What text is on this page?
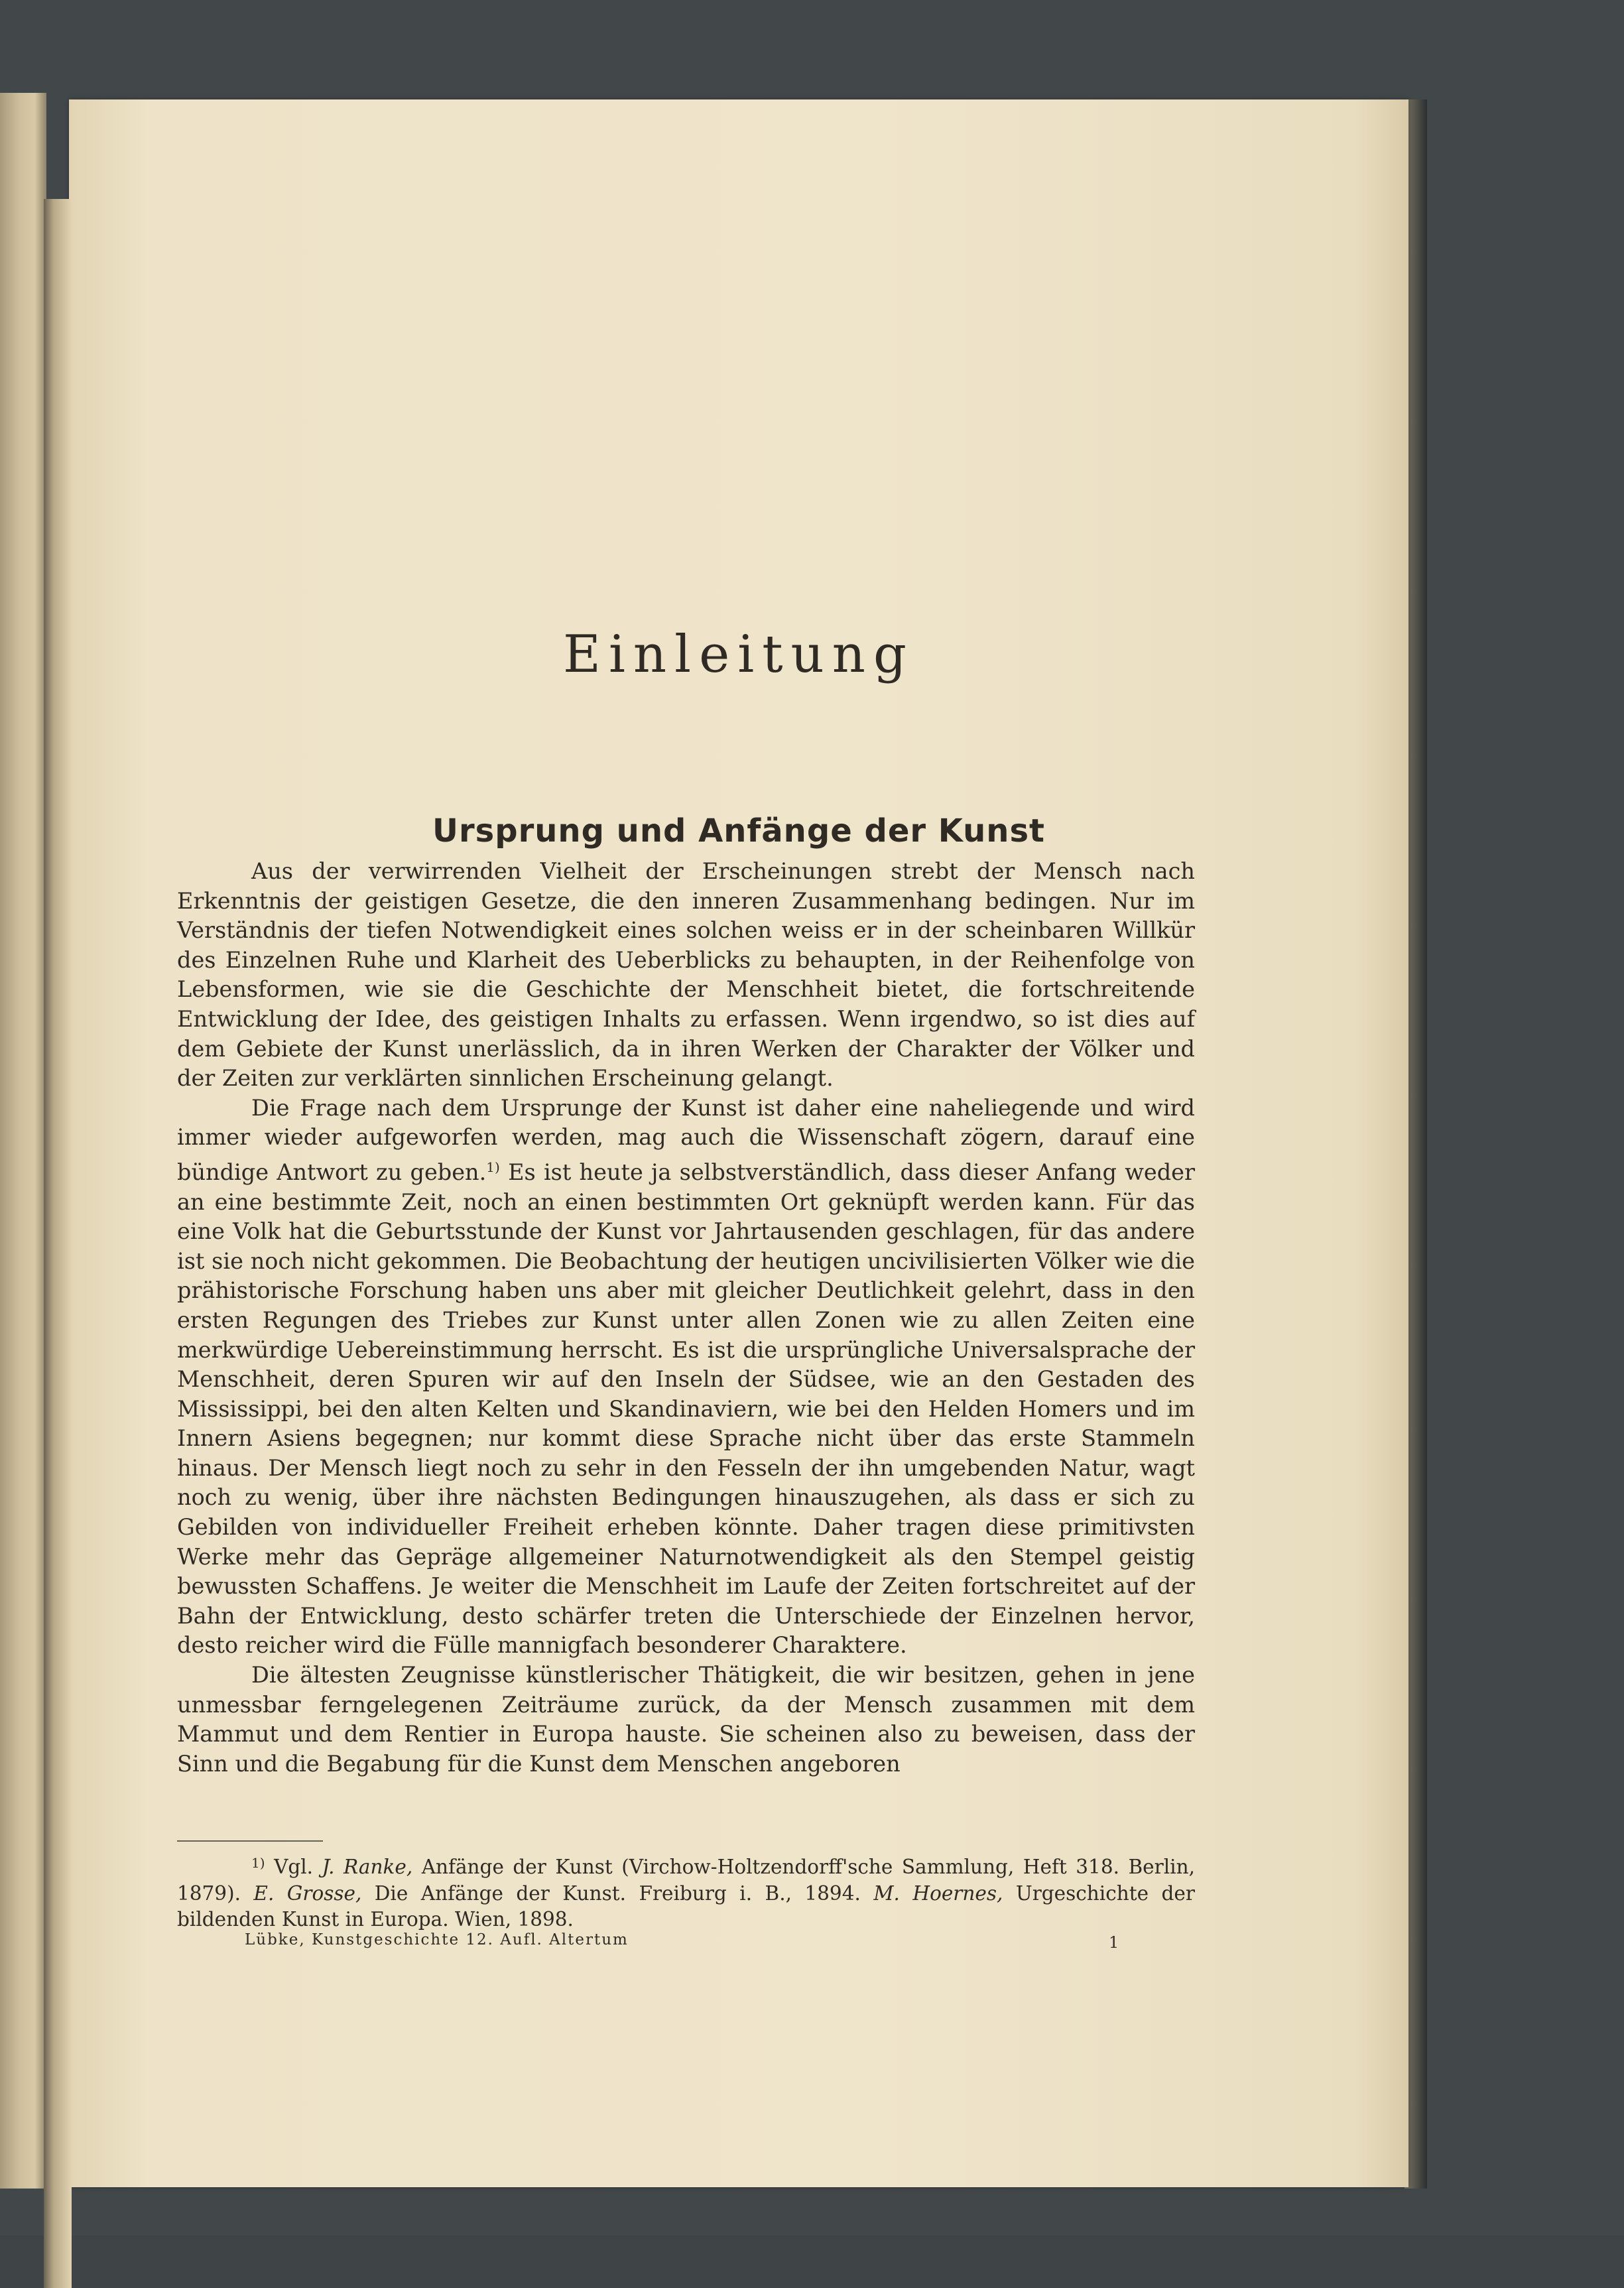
Einleitung
Ursprung und Anfänge der Kunst

Aus der verwirrenden Vielheit der Erscheinungen strebt der Mensch nach Erkenntnis der geistigen Gesetze, die den inneren Zusammenhang bedingen. Nur im Verständnis der tiefen Notwendigkeit eines solchen weiss er in der scheinbaren Willkür des Einzelnen Ruhe und Klarheit des Ueberblicks zu behaupten, in der Reihenfolge von Lebensformen, wie sie die Geschichte der Menschheit bietet, die fortschreitende Entwicklung der Idee, des geistigen Inhalts zu erfassen. Wenn irgendwo, so ist dies auf dem Gebiete der Kunst unerlässlich, da in ihren Werken der Charakter der Völker und der Zeiten zur verklärten sinnlichen Erscheinung gelangt.

Die Frage nach dem Ursprunge der Kunst ist daher eine naheliegende und wird immer wieder aufgeworfen werden, mag auch die Wissenschaft zögern, darauf eine bündige Antwort zu geben.$^{1)}$ Es ist heute ja selbstverständlich, dass dieser Anfang weder an eine bestimmte Zeit, noch an einen bestimmten Ort geknüpft werden kann. Für das eine Volk hat die Geburtsstunde der Kunst vor Jahrtausenden geschlagen, für das andere ist sie noch nicht gekommen. Die Beobachtung der heutigen uncivilisierten Völker wie die prähistorische Forschung haben uns aber mit gleicher Deutlichkeit gelehrt, dass in den ersten Regungen des Triebes zur Kunst unter allen Zonen wie zu allen Zeiten eine merkwürdige Uebereinstimmung herrscht. Es ist die ursprüngliche Universalsprache der Menschheit, deren Spuren wir auf den Inseln der Südsee, wie an den Gestaden des Mississippi, bei den alten Kelten und Skandinaviern, wie bei den Helden Homers und im Innern Asiens begegnen; nur kommt diese Sprache nicht über das erste Stammeln hinaus. Der Mensch liegt noch zu sehr in den Fesseln der ihn umgebenden Natur, wagt noch zu wenig, über ihre nächsten Bedingungen hinauszugehen, als dass er sich zu Gebilden von individueller Freiheit erheben könnte. Daher tragen diese primitivsten Werke mehr das Gepräge allgemeiner Naturnotwendigkeit als den Stempel geistig bewussten Schaffens. Je weiter die Menschheit im Laufe der Zeiten fortschreitet auf der Bahn der Entwicklung, desto schärfer treten die Unterschiede der Einzelnen hervor, desto reicher wird die Fülle mannigfach besonderer Charaktere.

Die ältesten Zeugnisse künstlerischer Thätigkeit, die wir besitzen, gehen in jene unmessbar ferngelegenen Zeiträume zurück, da der Mensch zusammen mit dem Mammut und dem Rentier in Europa hauste. Sie scheinen also zu beweisen, dass der Sinn und die Begabung für die Kunst dem Menschen angeboren

$^{1)}$ Vgl. J. Ranke, Anfänge der Kunst (Virchow-Holtzendorff'sche Sammlung, Heft 318. Berlin, 1879). E. Grosse, Die Anfänge der Kunst. Freiburg i. B., 1894. M. Hoernes, Urgeschichte der bildenden Kunst in Europa. Wien, 1898.
Lübke, Kunstgeschichte 12. Aufl. Altertum	1
